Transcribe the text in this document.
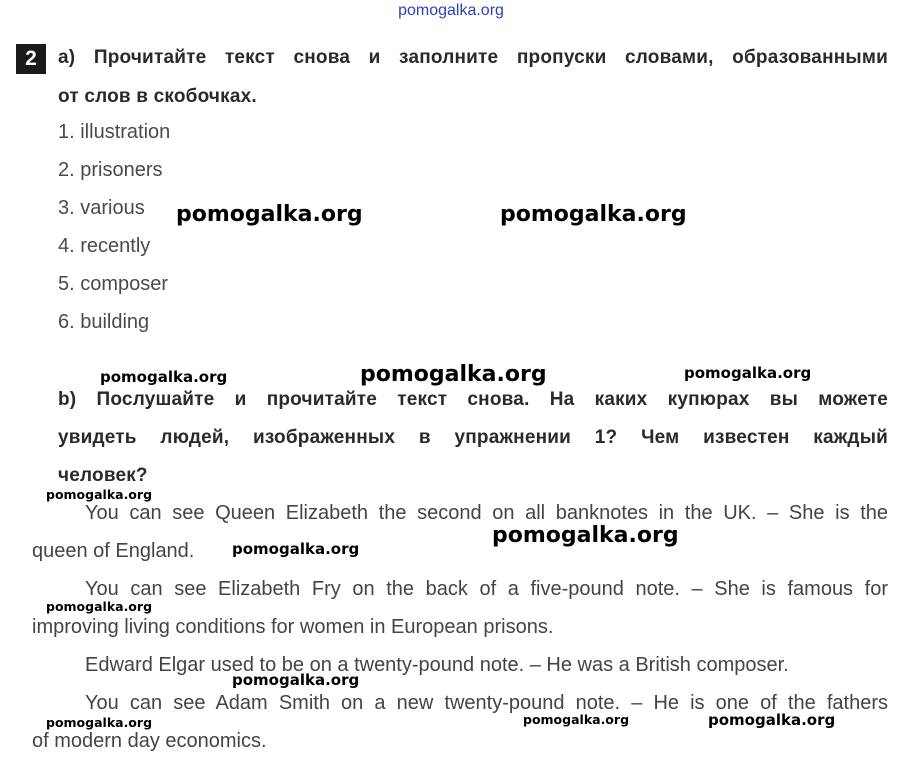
pomogalka.org
2	a) Прочитайте текст снова и заполните пропуски словами, образованными
от слов в скобочках.
1. illustration
2. prisoners
3. various
4. recently
5. composer
6. building
b) Послушайте и прочитайте текст снова. На каких купюрах вы можете
увидеть людей, изображенных в упражнении 1? Чем известен каждый
человек?
You can see Queen Elizabeth the second on all banknotes in the UK. – She is the
queen of England.
You can see Elizabeth Fry on the back of a five-pound note. – She is famous for
improving living conditions for women in European prisons.
Edward Elgar used to be on a twenty-pound note. – He was a British composer.
You can see Adam Smith on a new twenty-pound note. – He is one of the fathers
of modern day economics.
pomogalka.org	pomogalka.org
pomogalka.org	pomogalka.org	pomogalka.org
pomogalka.org
pomogalka.org
pomogalka.org
pomogalka.org
pomogalka.org
pomogalka.org	pomogalka.org	pomogalka.org
